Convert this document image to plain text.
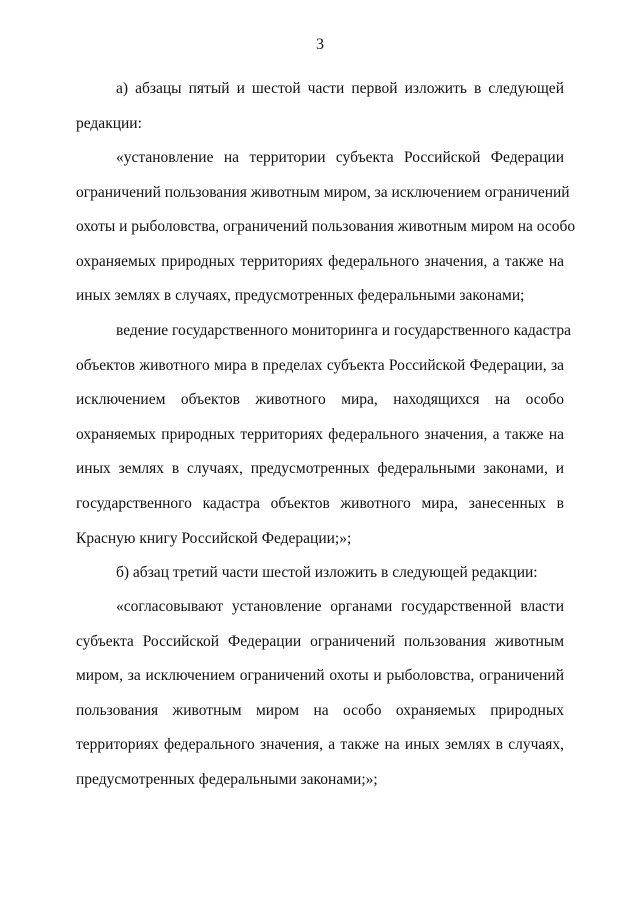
3
а) абзацы пятый и шестой части первой изложить в следующей
редакции:
«установление на территории субъекта Российской Федерации
ограничений пользования животным миром, за исключением ограничений
охоты и рыболовства, ограничений пользования животным миром на особо
охраняемых природных территориях федерального значения, а также на
иных землях в случаях, предусмотренных федеральными законами;
ведение государственного мониторинга и государственного кадастра
объектов животного мира в пределах субъекта Российской Федерации, за
исключением объектов животного мира, находящихся на особо
охраняемых природных территориях федерального значения, а также на
иных землях в случаях, предусмотренных федеральными законами, и
государственного кадастра объектов животного мира, занесенных в
Красную книгу Российской Федерации;»;
б) абзац третий части шестой изложить в следующей редакции:
«согласовывают установление органами государственной власти
субъекта Российской Федерации ограничений пользования животным
миром, за исключением ограничений охоты и рыболовства, ограничений
пользования животным миром на особо охраняемых природных
территориях федерального значения, а также на иных землях в случаях,
предусмотренных федеральными законами;»;
